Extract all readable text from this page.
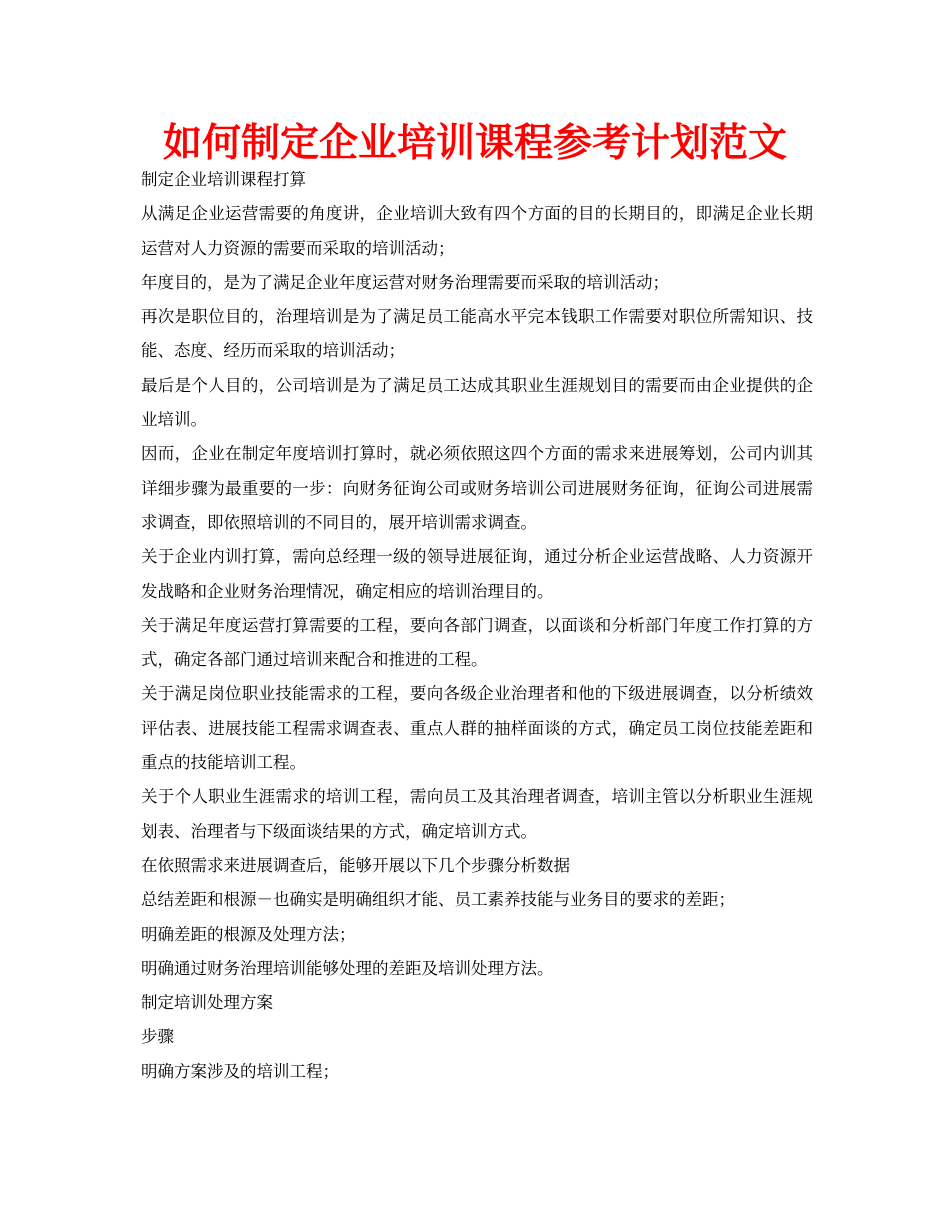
如何制定企业培训课程参考计划范文

制定企业培训课程打算

从满足企业运营需要的角度讲，企业培训大致有四个方面的目的长期目的，即满足企业长期运营对人力资源的需要而采取的培训活动；

年度目的，是为了满足企业年度运营对财务治理需要而采取的培训活动；

再次是职位目的，治理培训是为了满足员工能高水平完本钱职工作需要对职位所需知识、技能、态度、经历而采取的培训活动；

最后是个人目的，公司培训是为了满足员工达成其职业生涯规划目的需要而由企业提供的企业培训。

因而，企业在制定年度培训打算时，就必须依照这四个方面的需求来进展筹划，公司内训其详细步骤为最重要的一步：向财务征询公司或财务培训公司进展财务征询，征询公司进展需求调查，即依照培训的不同目的，展开培训需求调查。

关于企业内训打算，需向总经理一级的领导进展征询，通过分析企业运营战略、人力资源开发战略和企业财务治理情况，确定相应的培训治理目的。

关于满足年度运营打算需要的工程，要向各部门调查，以面谈和分析部门年度工作打算的方式，确定各部门通过培训来配合和推进的工程。

关于满足岗位职业技能需求的工程，要向各级企业治理者和他的下级进展调查，以分析绩效评估表、进展技能工程需求调查表、重点人群的抽样面谈的方式，确定员工岗位技能差距和重点的技能培训工程。

关于个人职业生涯需求的培训工程，需向员工及其治理者调查，培训主管以分析职业生涯规划表、治理者与下级面谈结果的方式，确定培训方式。

在依照需求来进展调查后，能够开展以下几个步骤分析数据

总结差距和根源－也确实是明确组织才能、员工素养技能与业务目的要求的差距；

明确差距的根源及处理方法；

明确通过财务治理培训能够处理的差距及培训处理方法。

制定培训处理方案

步骤

明确方案涉及的培训工程；
